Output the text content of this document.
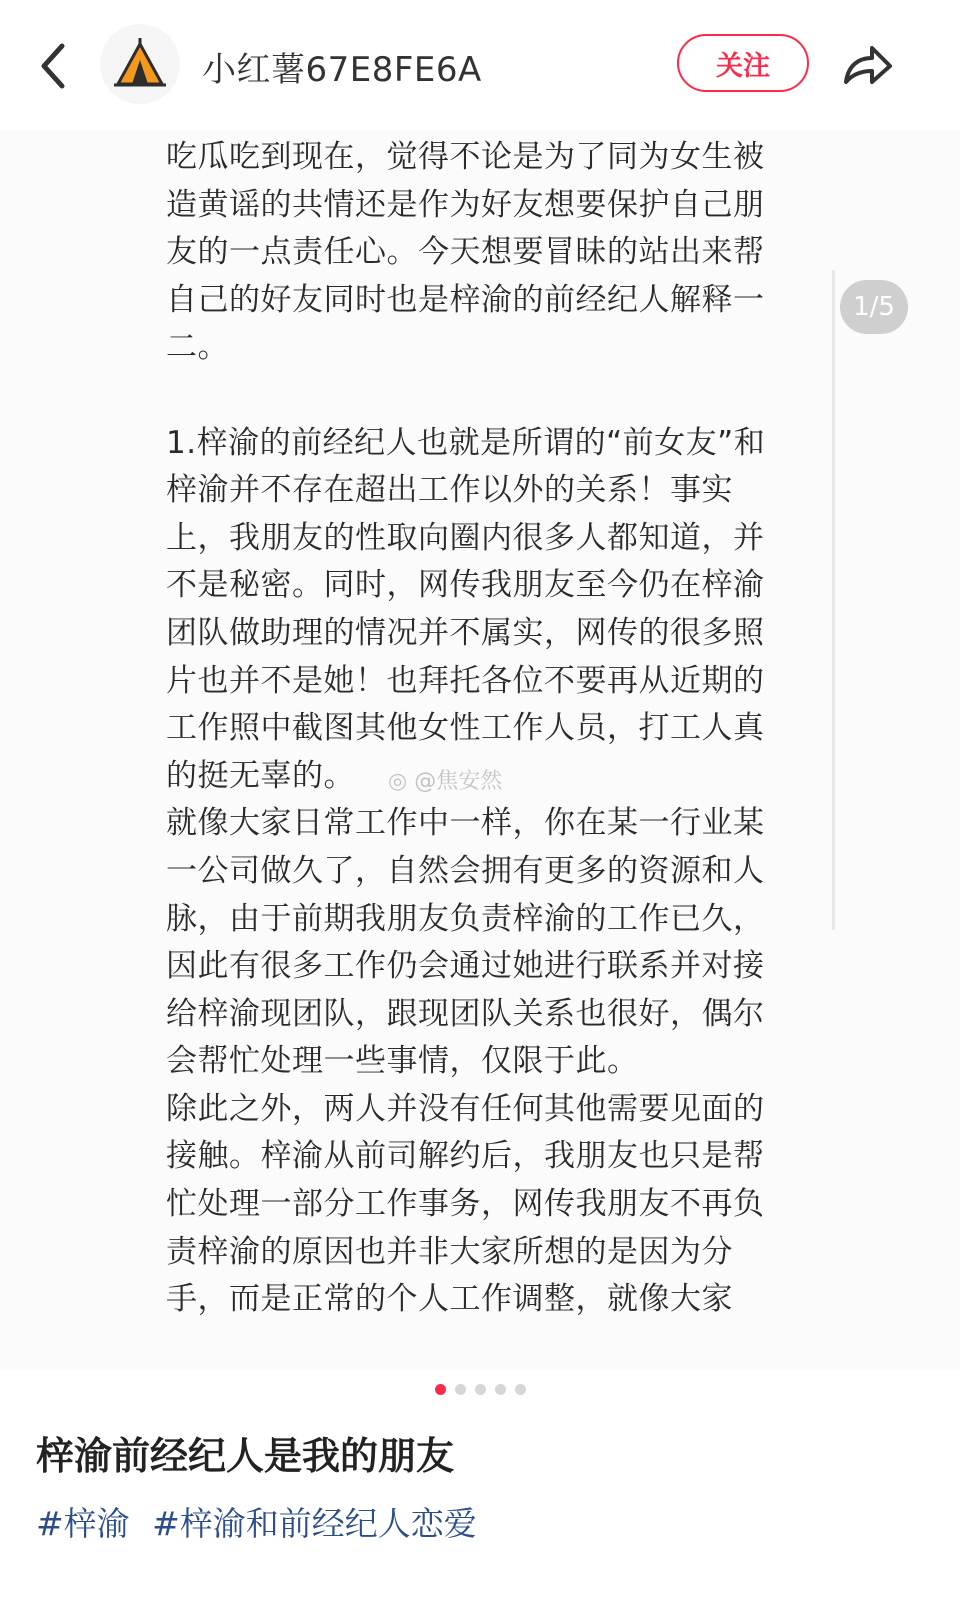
小红薯67E8FE6A	关注
1/5

吃瓜吃到现在，觉得不论是为了同为女生被造黄谣的共情还是作为好友想要保护自己朋友的一点责任心。今天想要冒昧的站出来帮自己的好友同时也是梓渝的前经纪人解释一二。

1.梓渝的前经纪人也就是所谓的“前女友”和梓渝并不存在超出工作以外的关系！事实上，我朋友的性取向圈内很多人都知道，并不是秘密。同时，网传我朋友至今仍在梓渝团队做助理的情况并不属实，网传的很多照片也并不是她！也拜托各位不要再从近期的工作照中截图其他女性工作人员，打工人真的挺无辜的。

就像大家日常工作中一样，你在某一行业某一公司做久了，自然会拥有更多的资源和人脉，由于前期我朋友负责梓渝的工作已久，因此有很多工作仍会通过她进行联系并对接给梓渝现团队，跟现团队关系也很好，偶尔会帮忙处理一些事情，仅限于此。

除此之外，两人并没有任何其他需要见面的接触。梓渝从前司解约后，我朋友也只是帮忙处理一部分工作事务，网传我朋友不再负责梓渝的原因也并非大家所想的是因为分手，而是正常的个人工作调整，就像大家

◎ @焦安然
梓渝前经纪人是我的朋友
#梓渝 #梓渝和前经纪人恋爱
